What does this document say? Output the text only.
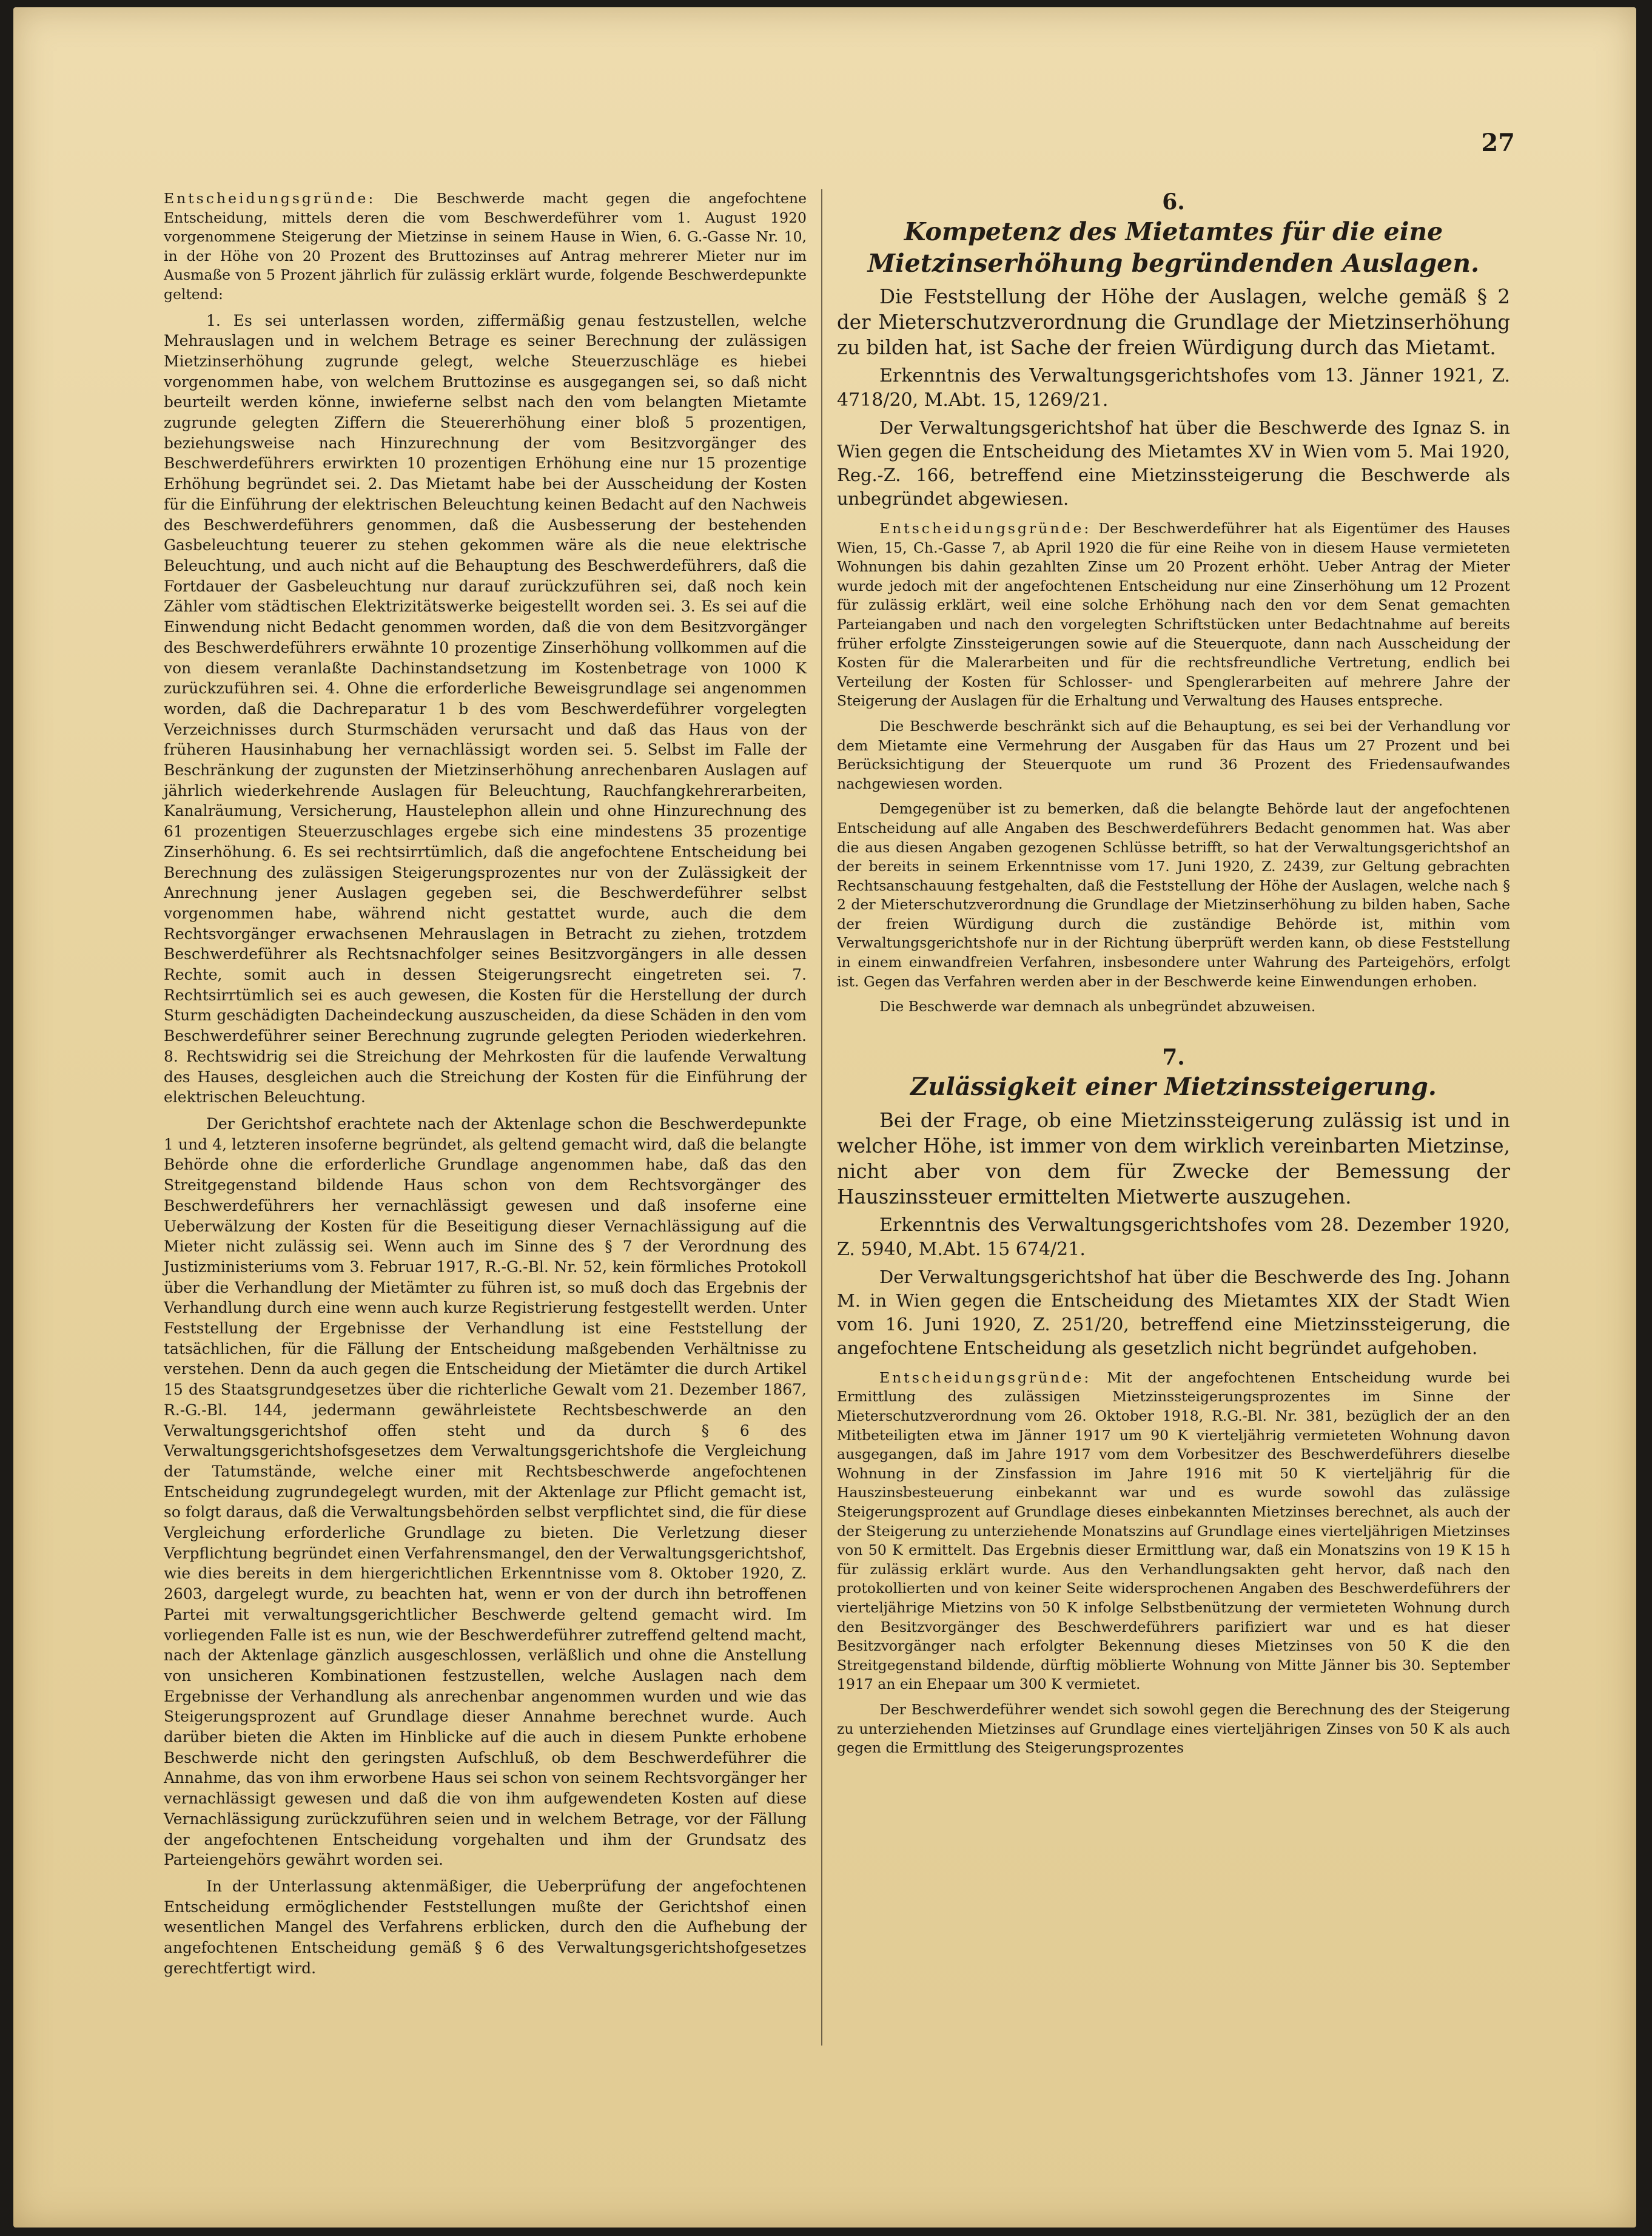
27

Entscheidungsgründe: Die Beschwerde macht gegen die angefochtene Entscheidung, mittels deren die vom Beschwerdeführer vom 1. August 1920 vorgenommene Steigerung der Mietzinse in seinem Hause in Wien, 6. G.-Gasse Nr. 10, in der Höhe von 20 Prozent des Bruttozinses auf Antrag mehrerer Mieter nur im Ausmaße von 5 Prozent jährlich für zulässig erklärt wurde, folgende Beschwerdepunkte geltend:

1. Es sei unterlassen worden, ziffermäßig genau festzustellen, welche Mehrauslagen und in welchem Betrage es seiner Berechnung der zulässigen Mietzinserhöhung zugrunde gelegt, welche Steuerzuschläge es hiebei vorgenommen habe, von welchem Bruttozinse es ausgegangen sei, so daß nicht beurteilt werden könne, inwieferne selbst nach den vom belangten Mietamte zugrunde gelegten Ziffern die Steuererhöhung einer bloß 5 prozentigen, beziehungsweise nach Hinzurechnung der vom Besitzvorgänger des Beschwerdeführers erwirkten 10 prozentigen Erhöhung eine nur 15 prozentige Erhöhung begründet sei. 2. Das Mietamt habe bei der Ausscheidung der Kosten für die Einführung der elektrischen Beleuchtung keinen Bedacht auf den Nachweis des Beschwerdeführers genommen, daß die Ausbesserung der bestehenden Gasbeleuchtung teuerer zu stehen gekommen wäre als die neue elektrische Beleuchtung, und auch nicht auf die Behauptung des Beschwerdeführers, daß die Fortdauer der Gasbeleuchtung nur darauf zurückzuführen sei, daß noch kein Zähler vom städtischen Elektrizitätswerke beigestellt worden sei. 3. Es sei auf die Einwendung nicht Bedacht genommen worden, daß die von dem Besitzvorgänger des Beschwerdeführers erwähnte 10 prozentige Zinserhöhung vollkommen auf die von diesem veranlaßte Dachinstandsetzung im Kostenbetrage von 1000 K zurückzuführen sei. 4. Ohne die erforderliche Beweisgrundlage sei angenommen worden, daß die Dachreparatur 1 b des vom Beschwerdeführer vorgelegten Verzeichnisses durch Sturmschäden verursacht und daß das Haus von der früheren Hausinhabung her vernachlässigt worden sei. 5. Selbst im Falle der Beschränkung der zugunsten der Mietzinserhöhung anrechenbaren Auslagen auf jährlich wiederkehrende Auslagen für Beleuchtung, Rauchfangkehrerarbeiten, Kanalräumung, Versicherung, Haustelephon allein und ohne Hinzurechnung des 61 prozentigen Steuerzuschlages ergebe sich eine mindestens 35 prozentige Zinserhöhung. 6. Es sei rechtsirrtümlich, daß die angefochtene Entscheidung bei Berechnung des zulässigen Steigerungsprozentes nur von der Zulässigkeit der Anrechnung jener Auslagen gegeben sei, die Beschwerdeführer selbst vorgenommen habe, während nicht gestattet wurde, auch die dem Rechtsvorgänger erwachsenen Mehrauslagen in Betracht zu ziehen, trotzdem Beschwerdeführer als Rechtsnachfolger seines Besitzvorgängers in alle dessen Rechte, somit auch in dessen Steigerungsrecht eingetreten sei. 7. Rechtsirrtümlich sei es auch gewesen, die Kosten für die Herstellung der durch Sturm geschädigten Dacheindeckung auszuscheiden, da diese Schäden in den vom Beschwerdeführer seiner Berechnung zugrunde gelegten Perioden wiederkehren. 8. Rechtswidrig sei die Streichung der Mehrkosten für die laufende Verwaltung des Hauses, desgleichen auch die Streichung der Kosten für die Einführung der elektrischen Beleuchtung.

Der Gerichtshof erachtete nach der Aktenlage schon die Beschwerdepunkte 1 und 4, letzteren insoferne begründet, als geltend gemacht wird, daß die belangte Behörde ohne die erforderliche Grundlage angenommen habe, daß das den Streitgegenstand bildende Haus schon von dem Rechtsvorgänger des Beschwerdeführers her vernachlässigt gewesen und daß insoferne eine Ueberwälzung der Kosten für die Beseitigung dieser Vernachlässigung auf die Mieter nicht zulässig sei. Wenn auch im Sinne des § 7 der Verordnung des Justizministeriums vom 3. Februar 1917, R.-G.-Bl. Nr. 52, kein förmliches Protokoll über die Verhandlung der Mietämter zu führen ist, so muß doch das Ergebnis der Verhandlung durch eine wenn auch kurze Registrierung festgestellt werden. Unter Feststellung der Ergebnisse der Verhandlung ist eine Feststellung der tatsächlichen, für die Fällung der Entscheidung maßgebenden Verhältnisse zu verstehen. Denn da auch gegen die Entscheidung der Mietämter die durch Artikel 15 des Staatsgrundgesetzes über die richterliche Gewalt vom 21. Dezember 1867, R.-G.-Bl. 144, jedermann gewährleistete Rechtsbeschwerde an den Verwaltungsgerichtshof offen steht und da durch § 6 des Verwaltungsgerichtshofsgesetzes dem Verwaltungsgerichtshofe die Vergleichung der Tatumstände, welche einer mit Rechtsbeschwerde angefochtenen Entscheidung zugrundegelegt wurden, mit der Aktenlage zur Pflicht gemacht ist, so folgt daraus, daß die Verwaltungsbehörden selbst verpflichtet sind, die für diese Vergleichung erforderliche Grundlage zu bieten. Die Verletzung dieser Verpflichtung begründet einen Verfahrensmangel, den der Verwaltungsgerichtshof, wie dies bereits in dem hiergerichtlichen Erkenntnisse vom 8. Oktober 1920, Z. 2603, dargelegt wurde, zu beachten hat, wenn er von der durch ihn betroffenen Partei mit verwaltungsgerichtlicher Beschwerde geltend gemacht wird. Im vorliegenden Falle ist es nun, wie der Beschwerdeführer zutreffend geltend macht, nach der Aktenlage gänzlich ausgeschlossen, verläßlich und ohne die Anstellung von unsicheren Kombinationen festzustellen, welche Auslagen nach dem Ergebnisse der Verhandlung als anrechenbar angenommen wurden und wie das Steigerungsprozent auf Grundlage dieser Annahme berechnet wurde. Auch darüber bieten die Akten im Hinblicke auf die auch in diesem Punkte erhobene Beschwerde nicht den geringsten Aufschluß, ob dem Beschwerdeführer die Annahme, das von ihm erworbene Haus sei schon von seinem Rechtsvorgänger her vernachlässigt gewesen und daß die von ihm aufgewendeten Kosten auf diese Vernachlässigung zurückzuführen seien und in welchem Betrage, vor der Fällung der angefochtenen Entscheidung vorgehalten und ihm der Grundsatz des Parteiengehörs gewährt worden sei.

In der Unterlassung aktenmäßiger, die Ueberprüfung der angefochtenen Entscheidung ermöglichender Feststellungen mußte der Gerichtshof einen wesentlichen Mangel des Verfahrens erblicken, durch den die Aufhebung der angefochtenen Entscheidung gemäß § 6 des Verwaltungsgerichtshofgesetzes gerechtfertigt wird.

6.
Kompetenz des Mietamtes für die eine Mietzinserhöhung begründenden Auslagen.

Die Feststellung der Höhe der Auslagen, welche gemäß § 2 der Mieterschutzverordnung die Grundlage der Mietzinserhöhung zu bilden hat, ist Sache der freien Würdigung durch das Mietamt.

Erkenntnis des Verwaltungsgerichtshofes vom 13. Jänner 1921, Z. 4718/20, M.Abt. 15, 1269/21.

Der Verwaltungsgerichtshof hat über die Beschwerde des Ignaz S. in Wien gegen die Entscheidung des Mietamtes XV in Wien vom 5. Mai 1920, Reg.-Z. 166, betreffend eine Mietzinssteigerung die Beschwerde als unbegründet abgewiesen.

Entscheidungsgründe: Der Beschwerdeführer hat als Eigentümer des Hauses Wien, 15, Ch.-Gasse 7, ab April 1920 die für eine Reihe von in diesem Hause vermieteten Wohnungen bis dahin gezahlten Zinse um 20 Prozent erhöht. Ueber Antrag der Mieter wurde jedoch mit der angefochtenen Entscheidung nur eine Zinserhöhung um 12 Prozent für zulässig erklärt, weil eine solche Erhöhung nach den vor dem Senat gemachten Parteiangaben und nach den vorgelegten Schriftstücken unter Bedachtnahme auf bereits früher erfolgte Zinssteigerungen sowie auf die Steuerquote, dann nach Ausscheidung der Kosten für die Malerarbeiten und für die rechtsfreundliche Vertretung, endlich bei Verteilung der Kosten für Schlosser- und Spenglerarbeiten auf mehrere Jahre der Steigerung der Auslagen für die Erhaltung und Verwaltung des Hauses entspreche.

Die Beschwerde beschränkt sich auf die Behauptung, es sei bei der Verhandlung vor dem Mietamte eine Vermehrung der Ausgaben für das Haus um 27 Prozent und bei Berücksichtigung der Steuerquote um rund 36 Prozent des Friedensaufwandes nachgewiesen worden.

Demgegenüber ist zu bemerken, daß die belangte Behörde laut der angefochtenen Entscheidung auf alle Angaben des Beschwerdeführers Bedacht genommen hat. Was aber die aus diesen Angaben gezogenen Schlüsse betrifft, so hat der Verwaltungsgerichtshof an der bereits in seinem Erkenntnisse vom 17. Juni 1920, Z. 2439, zur Geltung gebrachten Rechtsanschauung festgehalten, daß die Feststellung der Höhe der Auslagen, welche nach § 2 der Mieterschutzverordnung die Grundlage der Mietzinserhöhung zu bilden haben, Sache der freien Würdigung durch die zuständige Behörde ist, mithin vom Verwaltungsgerichtshofe nur in der Richtung überprüft werden kann, ob diese Feststellung in einem einwandfreien Verfahren, insbesondere unter Wahrung des Parteigehörs, erfolgt ist. Gegen das Verfahren werden aber in der Beschwerde keine Einwendungen erhoben.

Die Beschwerde war demnach als unbegründet abzuweisen.

7.
Zulässigkeit einer Mietzinssteigerung.

Bei der Frage, ob eine Mietzinssteigerung zulässig ist und in welcher Höhe, ist immer von dem wirklich vereinbarten Mietzinse, nicht aber von dem für Zwecke der Bemessung der Hauszinssteuer ermittelten Mietwerte auszugehen.

Erkenntnis des Verwaltungsgerichtshofes vom 28. Dezember 1920, Z. 5940, M.Abt. 15 674/21.

Der Verwaltungsgerichtshof hat über die Beschwerde des Ing. Johann M. in Wien gegen die Entscheidung des Mietamtes XIX der Stadt Wien vom 16. Juni 1920, Z. 251/20, betreffend eine Mietzinssteigerung, die angefochtene Entscheidung als gesetzlich nicht begründet aufgehoben.

Entscheidungsgründe: Mit der angefochtenen Entscheidung wurde bei Ermittlung des zulässigen Mietzinssteigerungsprozentes im Sinne der Mieterschutzverordnung vom 26. Oktober 1918, R.G.-Bl. Nr. 381, bezüglich der an den Mitbeteiligten etwa im Jänner 1917 um 90 K vierteljährig vermieteten Wohnung davon ausgegangen, daß im Jahre 1917 vom dem Vorbesitzer des Beschwerdeführers dieselbe Wohnung in der Zinsfassion im Jahre 1916 mit 50 K vierteljährig für die Hauszinsbesteuerung einbekannt war und es wurde sowohl das zulässige Steigerungsprozent auf Grundlage dieses einbekannten Mietzinses berechnet, als auch der der Steigerung zu unterziehende Monatszins auf Grundlage eines vierteljährigen Mietzinses von 50 K ermittelt. Das Ergebnis dieser Ermittlung war, daß ein Monatszins von 19 K 15 h für zulässig erklärt wurde. Aus den Verhandlungsakten geht hervor, daß nach den protokollierten und von keiner Seite widersprochenen Angaben des Beschwerdeführers der vierteljährige Mietzins von 50 K infolge Selbstbenützung der vermieteten Wohnung durch den Besitzvorgänger des Beschwerdeführers parifiziert war und es hat dieser Besitzvorgänger nach erfolgter Bekennung dieses Mietzinses von 50 K die den Streitgegenstand bildende, dürftig möblierte Wohnung von Mitte Jänner bis 30. September 1917 an ein Ehepaar um 300 K vermietet.

Der Beschwerdeführer wendet sich sowohl gegen die Berechnung des der Steigerung zu unterziehenden Mietzinses auf Grundlage eines vierteljährigen Zinses von 50 K als auch gegen die Ermittlung des Steigerungsprozentes
